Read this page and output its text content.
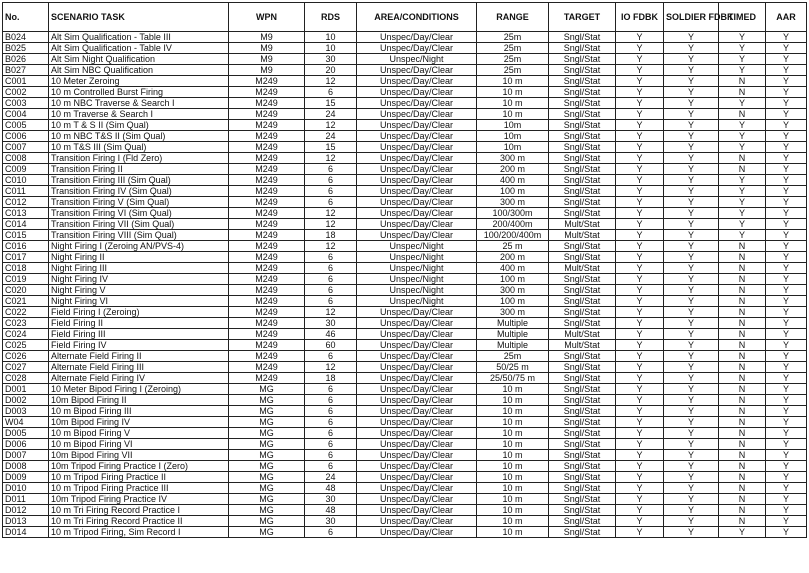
No.	SCENARIO TASK	WPN	RDS	AREA/CONDITIONS	RANGE	TARGET	IO FDBK	SOLDIER FDBK	TIMED	AAR
B024	Alt Sim Qualification - Table III	M9	10	Unspec/Day/Clear	25m	Sngl/Stat	Y	Y	Y	Y
B025	Alt Sim Qualification - Table IV	M9	10	Unspec/Day/Clear	25m	Sngl/Stat	Y	Y	Y	Y
B026	Alt Sim Night Qualification	M9	30	Unspec/Night	25m	Sngl/Stat	Y	Y	Y	Y
B027	Alt Sim NBC Qualification	M9	20	Unspec/Day/Clear	25m	Sngl/Stat	Y	Y	Y	Y
C001	10 Meter Zeroing	M249	12	Unspec/Day/Clear	10 m	Sngl/Stat	Y	Y	N	Y
C002	10 m Controlled Burst Firing	M249	6	Unspec/Day/Clear	10 m	Sngl/Stat	Y	Y	N	Y
C003	10 m NBC Traverse & Search I	M249	15	Unspec/Day/Clear	10 m	Sngl/Stat	Y	Y	Y	Y
C004	10 m Traverse & Search I	M249	24	Unspec/Day/Clear	10 m	Sngl/Stat	Y	Y	N	Y
C005	10 m T & S II (Sim Qual)	M249	12	Unspec/Day/Clear	10m	Sngl/Stat	Y	Y	Y	Y
C006	10 m NBC T&S II (Sim Qual)	M249	24	Unspec/Day/Clear	10m	Sngl/Stat	Y	Y	Y	Y
C007	10 m T&S III (Sim Qual)	M249	15	Unspec/Day/Clear	10m	Sngl/Stat	Y	Y	Y	Y
C008	Transition Firing I (Fld Zero)	M249	12	Unspec/Day/Clear	300 m	Sngl/Stat	Y	Y	N	Y
C009	Transition Firing II	M249	6	Unspec/Day/Clear	200 m	Sngl/Stat	Y	Y	N	Y
C010	Transition Firing III (Sim Qual)	M249	6	Unspec/Day/Clear	400 m	Sngl/Stat	Y	Y	Y	Y
C011	Transition Firing IV (Sim Qual)	M249	6	Unspec/Day/Clear	100 m	Sngl/Stat	Y	Y	Y	Y
C012	Transition Firing V (Sim Qual)	M249	6	Unspec/Day/Clear	300 m	Sngl/Stat	Y	Y	Y	Y
C013	Transition Firing VI (Sim Qual)	M249	12	Unspec/Day/Clear	100/300m	Sngl/Stat	Y	Y	Y	Y
C014	Transition Firing VII (Sim Qual)	M249	12	Unspec/Day/Clear	200/400m	Mult/Stat	Y	Y	Y	Y
C015	Transition Firing VIII (Sim Qual)	M249	18	Unspec/Day/Clear	100/200/400m	Mult/Stat	Y	Y	Y	Y
C016	Night Firing I (Zeroing AN/PVS-4)	M249	12	Unspec/Night	25 m	Sngl/Stat	Y	Y	N	Y
C017	Night Firing II	M249	6	Unspec/Night	200 m	Sngl/Stat	Y	Y	N	Y
C018	Night Firing III	M249	6	Unspec/Night	400 m	Mult/Stat	Y	Y	N	Y
C019	Night Firing IV	M249	6	Unspec/Night	100 m	Sngl/Stat	Y	Y	N	Y
C020	Night Firing V	M249	6	Unspec/Night	300 m	Sngl/Stat	Y	Y	N	Y
C021	Night Firing VI	M249	6	Unspec/Night	100 m	Sngl/Stat	Y	Y	N	Y
C022	Field Firing I (Zeroing)	M249	12	Unspec/Day/Clear	300 m	Sngl/Stat	Y	Y	N	Y
C023	Field Firing II	M249	30	Unspec/Day/Clear	Multiple	Sngl/Stat	Y	Y	N	Y
C024	Field Firing III	M249	46	Unspec/Day/Clear	Multiple	Mult/Stat	Y	Y	N	Y
C025	Field Firing IV	M249	60	Unspec/Day/Clear	Multiple	Mult/Stat	Y	Y	N	Y
C026	Alternate Field Firing II	M249	6	Unspec/Day/Clear	25m	Sngl/Stat	Y	Y	N	Y
C027	Alternate Field Firing III	M249	12	Unspec/Day/Clear	50/25 m	Sngl/Stat	Y	Y	N	Y
C028	Alternate Field Firing IV	M249	18	Unspec/Day/Clear	25/50/75 m	Sngl/Stat	Y	Y	N	Y
D001	10 Meter Bipod Firing I (Zeroing)	MG	6	Unspec/Day/Clear	10 m	Sngl/Stat	Y	Y	N	Y
D002	10m Bipod Firing II	MG	6	Unspec/Day/Clear	10 m	Sngl/Stat	Y	Y	N	Y
D003	10 m Bipod Firing III	MG	6	Unspec/Day/Clear	10 m	Sngl/Stat	Y	Y	N	Y
W04	10m Bipod Firing IV	MG	6	Unspec/Day/Clear	10 m	Sngl/Stat	Y	Y	N	Y
D005	10 m Bipod Firing V	MG	6	Unspec/Day/Clear	10 m	Sngl/Stat	Y	Y	N	Y
D006	10 m Bipod Firing VI	MG	6	Unspec/Day/Clear	10 m	Sngl/Stat	Y	Y	N	Y
D007	10m Bipod Firing VII	MG	6	Unspec/Day/Clear	10 m	Sngl/Stat	Y	Y	N	Y
D008	10m Tripod Firing Practice I (Zero)	MG	6	Unspec/Day/Clear	10 m	Sngl/Stat	Y	Y	N	Y
D009	10 m Tripod Firing Practice II	MG	24	Unspec/Day/Clear	10 m	Sngl/Stat	Y	Y	N	Y
D010	10 m Tripod Firing Practice III	MG	48	Unspec/Day/Clear	10 m	Sngl/Stat	Y	Y	N	Y
D011	10m Tripod Firing Practice IV	MG	30	Unspec/Day/Clear	10 m	Sngl/Stat	Y	Y	N	Y
D012	10 m Tri Firing Record Practice I	MG	48	Unspec/Day/Clear	10 m	Sngl/Stat	Y	Y	N	Y
D013	10 m Tri Firing Record Practice II	MG	30	Unspec/Day/Clear	10 m	Sngl/Stat	Y	Y	N	Y
D014	10 m Tripod Firing, Sim Record I	MG	6	Unspec/Day/Clear	10 m	Sngl/Stat	Y	Y	Y	Y
